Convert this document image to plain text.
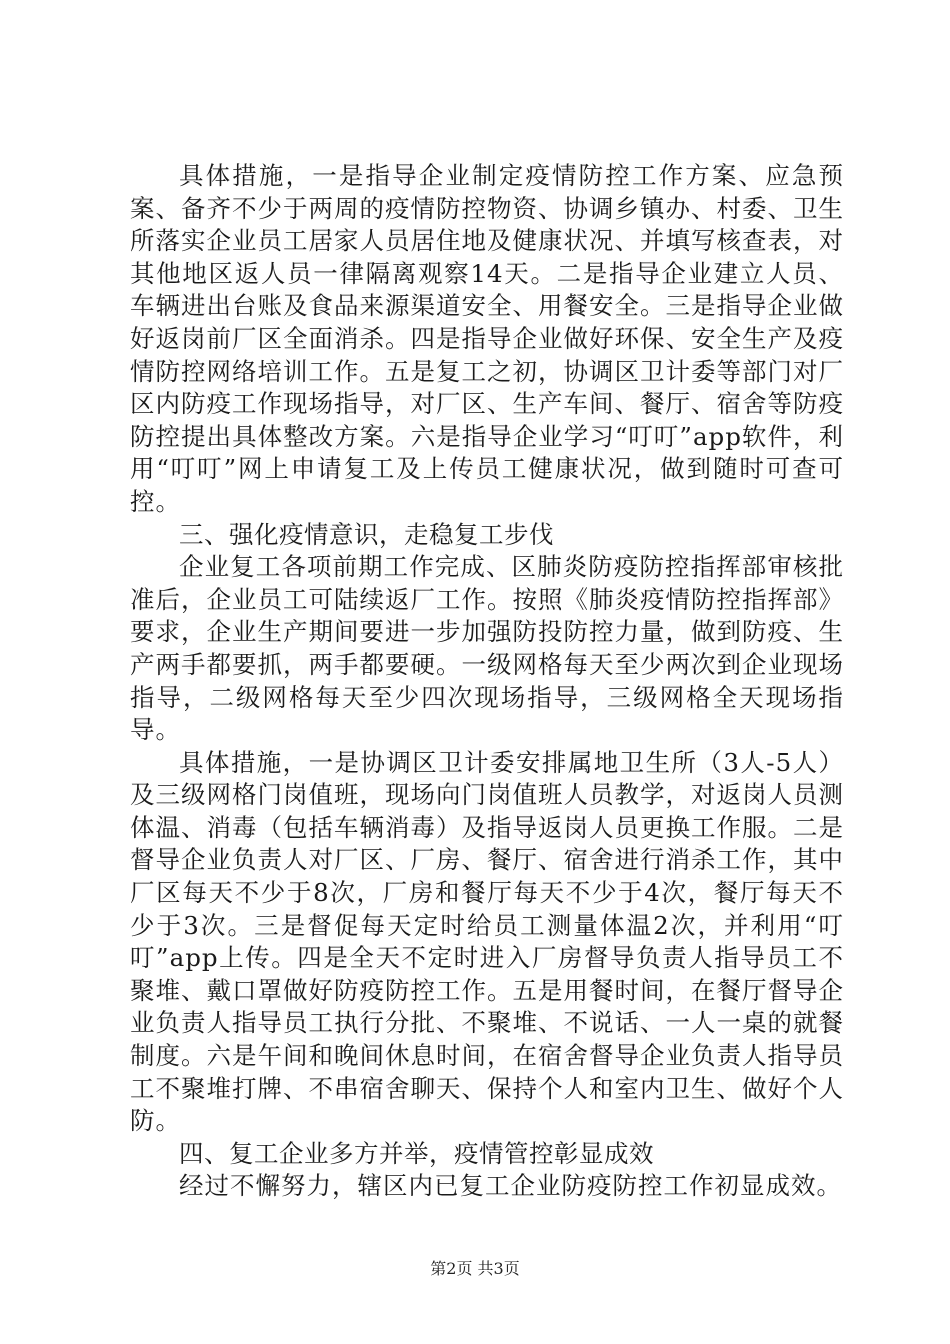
具体措施，一是指导企业制定疫情防控工作方案、应急预案、备齐不少于两周的疫情防控物资、协调乡镇办、村委、卫生所落实企业员工居家人员居住地及健康状况、并填写核查表，对其他地区返人员一律隔离观察14天。二是指导企业建立人员、车辆进出台账及食品来源渠道安全、用餐安全。三是指导企业做好返岗前厂区全面消杀。四是指导企业做好环保、安全生产及疫情防控网络培训工作。五是复工之初，协调区卫计委等部门对厂区内防疫工作现场指导，对厂区、生产车间、餐厅、宿舍等防疫防控提出具体整改方案。六是指导企业学习“叮叮”app软件，利用“叮叮”网上申请复工及上传员工健康状况，做到随时可查可控。

三、强化疫情意识，走稳复工步伐

企业复工各项前期工作完成、区肺炎防疫防控指挥部审核批准后，企业员工可陆续返厂工作。按照《肺炎疫情防控指挥部》要求，企业生产期间要进一步加强防投防控力量，做到防疫、生产两手都要抓，两手都要硬。一级网格每天至少两次到企业现场指导，二级网格每天至少四次现场指导，三级网格全天现场指导。

具体措施，一是协调区卫计委安排属地卫生所（3人-5人）及三级网格门岗值班，现场向门岗值班人员教学，对返岗人员测体温、消毒（包括车辆消毒）及指导返岗人员更换工作服。二是督导企业负责人对厂区、厂房、餐厅、宿舍进行消杀工作，其中厂区每天不少于8次，厂房和餐厅每天不少于4次，餐厅每天不少于3次。三是督促每天定时给员工测量体温2次，并利用“叮叮”app上传。四是全天不定时进入厂房督导负责人指导员工不聚堆、戴口罩做好防疫防控工作。五是用餐时间，在餐厅督导企业负责人指导员工执行分批、不聚堆、不说话、一人一桌的就餐制度。六是午间和晚间休息时间，在宿舍督导企业负责人指导员工不聚堆打牌、不串宿舍聊天、保持个人和室内卫生、做好个人防。

四、复工企业多方并举，疫情管控彰显成效

经过不懈努力，辖区内已复工企业防疫防控工作初显成效。

第2页 共3页
